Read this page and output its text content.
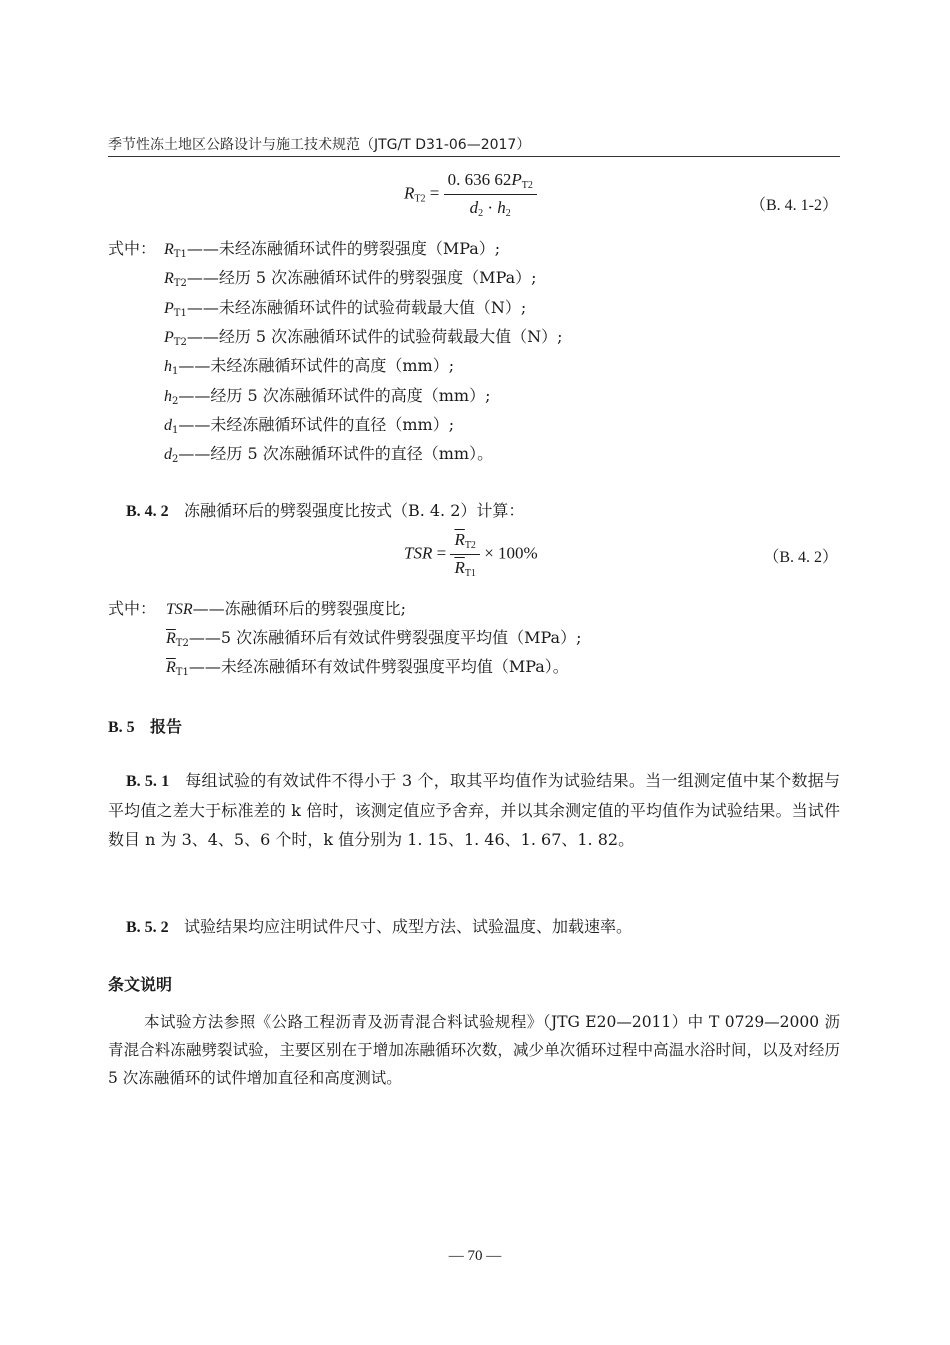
季节性冻土地区公路设计与施工技术规范（JTG/T D31-06—2017）
$R_{T2} = \frac{0. 636 62P_{T2}}{d_2 \cdot h_2}$	（B. 4. 1-2）
式中： $R_{T1}——$未经冻融循环试件的劈裂强度（MPa）;
$R_{T2}——$经历 5 次冻融循环试件的劈裂强度（MPa）;
$P_{T1}——$未经冻融循环试件的试验荷载最大值（N）;
$P_{T2}——$经历 5 次冻融循环试件的试验荷载最大值（N）;
$h_1——$未经冻融循环试件的高度（mm）;
$h_2——$经历 5 次冻融循环试件的高度（mm）;
$d_1——$未经冻融循环试件的直径（mm）;
$d_2——$经历 5 次冻融循环试件的直径（mm）。
B. 4. 2 冻融循环后的劈裂强度比按式（B. 4. 2）计算：
TSR = $\frac{\overline{R}_{T2}}{\overline{R}_{T1}} \times 100\%$	（B. 4. 2）
式中： TSR——冻融循环后的劈裂强度比;
$\overline{R}_{T2}——5$ 次冻融循环后有效试件劈裂强度平均值（MPa）;
$\overline{R}_{T1}——$未经冻融循环有效试件劈裂强度平均值（MPa）。
B. 5 报告
B. 5. 1 每组试验的有效试件不得小于 3 个，取其平均值作为试验结果。当一组测定值中某个数据与平均值之差大于标准差的 k 倍时，该测定值应予舍弃，并以其余测定值的平均值作为试验结果。当试件数目 n 为 3、4、5、6 个时，k 值分别为 1. 15、1. 46、1. 67、1. 82。
B. 5. 2 试验结果均应注明试件尺寸、成型方法、试验温度、加载速率。
条文说明
本试验方法参照《公路工程沥青及沥青混合料试验规程》（JTG E20—2011）中 T 0729—2000 沥青混合料冻融劈裂试验，主要区别在于增加冻融循环次数，减少单次循环过程中高温水浴时间，以及对经历 5 次冻融循环的试件增加直径和高度测试。
— 70 —
